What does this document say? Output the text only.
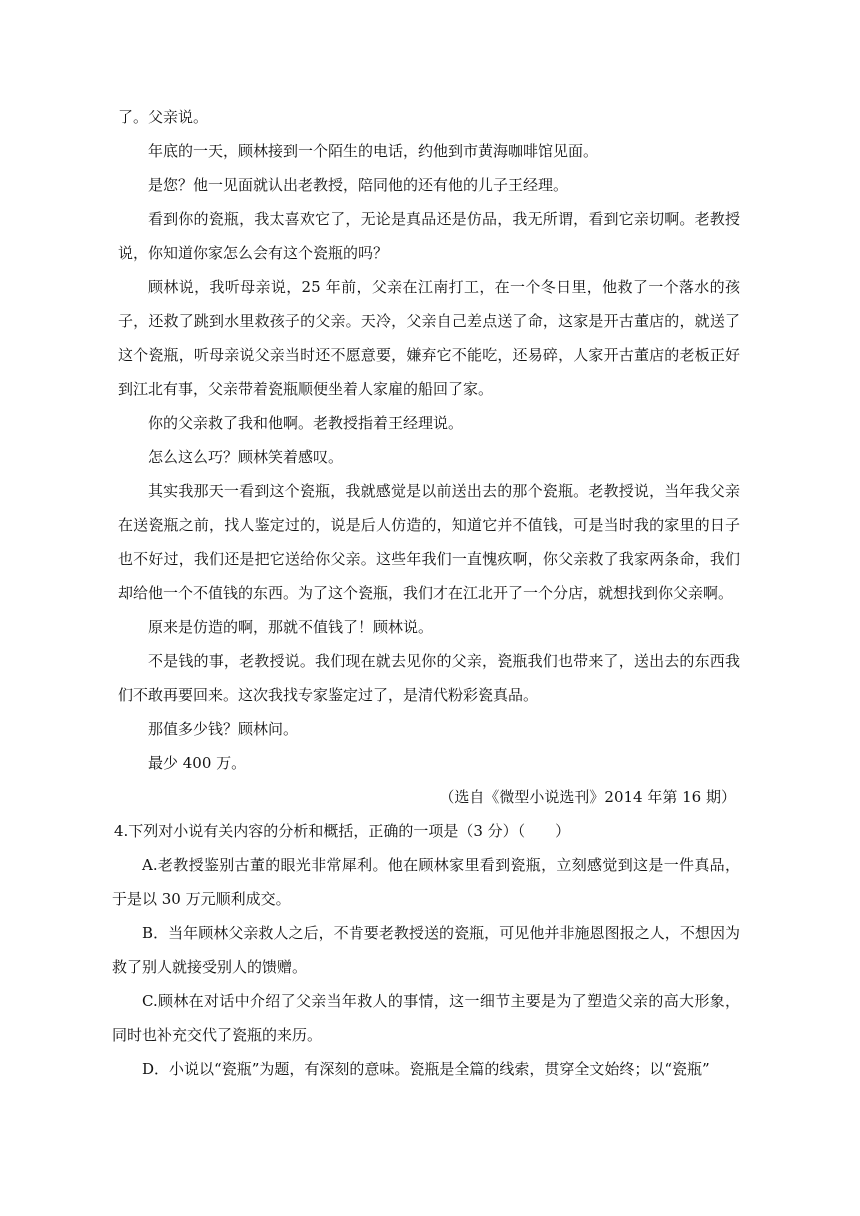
了。父亲说。

年底的一天，顾林接到一个陌生的电话，约他到市黄海咖啡馆见面。

是您？他一见面就认出老教授，陪同他的还有他的儿子王经理。

看到你的瓷瓶，我太喜欢它了，无论是真品还是仿品，我无所谓，看到它亲切啊。老教授说，你知道你家怎么会有这个瓷瓶的吗？

顾林说，我听母亲说，25 年前，父亲在江南打工，在一个冬日里，他救了一个落水的孩子，还救了跳到水里救孩子的父亲。天冷，父亲自己差点送了命，这家是开古董店的，就送了这个瓷瓶，听母亲说父亲当时还不愿意要，嫌弃它不能吃，还易碎，人家开古董店的老板正好到江北有事，父亲带着瓷瓶顺便坐着人家雇的船回了家。

你的父亲救了我和他啊。老教授指着王经理说。

怎么这么巧？顾林笑着感叹。

其实我那天一看到这个瓷瓶，我就感觉是以前送出去的那个瓷瓶。老教授说，当年我父亲在送瓷瓶之前，找人鉴定过的，说是后人仿造的，知道它并不值钱，可是当时我的家里的日子也不好过，我们还是把它送给你父亲。这些年我们一直愧疚啊，你父亲救了我家两条命，我们却给他一个不值钱的东西。为了这个瓷瓶，我们才在江北开了一个分店，就想找到你父亲啊。

原来是仿造的啊，那就不值钱了！顾林说。

不是钱的事，老教授说。我们现在就去见你的父亲，瓷瓶我们也带来了，送出去的东西我们不敢再要回来。这次我找专家鉴定过了，是清代粉彩瓷真品。

那值多少钱？顾林问。

最少 400 万。

（选自《微型小说选刊》2014 年第 16 期）

4.下列对小说有关内容的分析和概括，正确的一项是（3 分）（　　）

A.老教授鉴别古董的眼光非常犀利。他在顾林家里看到瓷瓶，立刻感觉到这是一件真品，于是以 30 万元顺利成交。

B．当年顾林父亲救人之后，不肯要老教授送的瓷瓶，可见他并非施恩图报之人，不想因为救了别人就接受别人的馈赠。

C.顾林在对话中介绍了父亲当年救人的事情，这一细节主要是为了塑造父亲的高大形象，同时也补充交代了瓷瓶的来历。

D．小说以“瓷瓶”为题，有深刻的意味。瓷瓶是全篇的线索，贯穿全文始终；以“瓷瓶”
